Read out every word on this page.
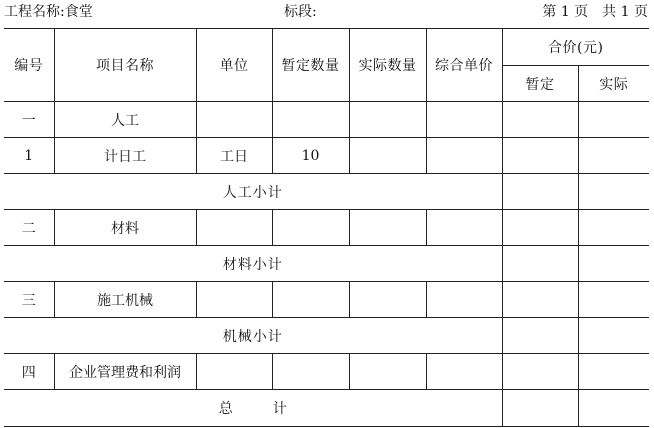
工程名称:食堂	标段:	第 1 页　共 1 页
编号	项目名称	单位	暂定数量	实际数量	综合单价	合价(元)	
						暂定	实际
一	人工						
1	计日工	工日	10				
人工小计							
二	材料						
材料小计							
三	施工机械						
机械小计							
四	企业管理费和利润						
总 计							
